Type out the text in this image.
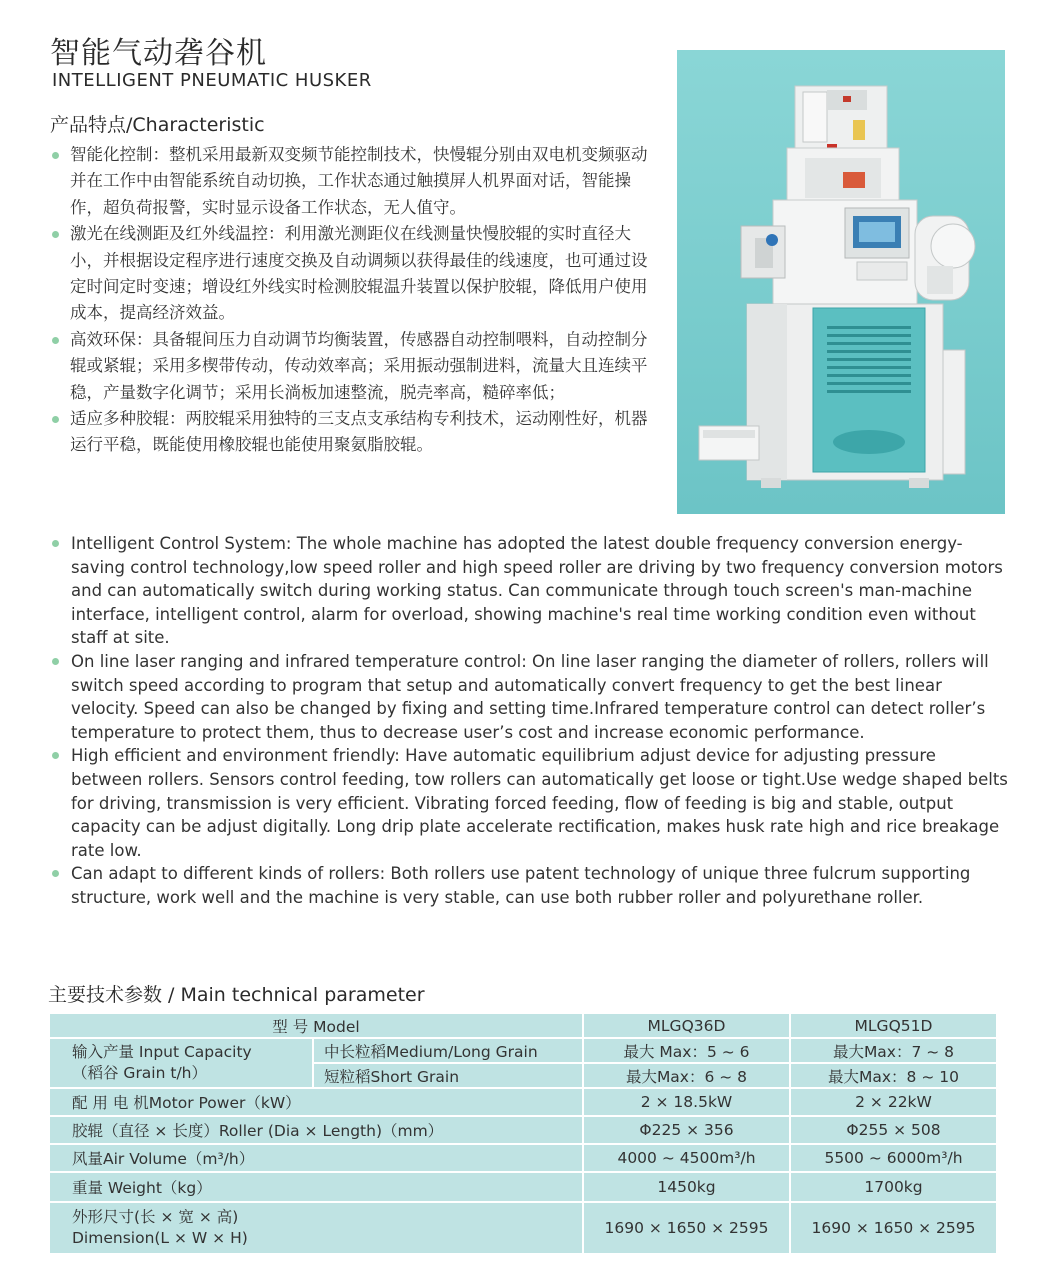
智能气动砻谷机
INTELLIGENT PNEUMATIC HUSKER
产品特点/Characteristic
智能化控制：整机采用最新双变频节能控制技术，快慢辊分别由双电机变频驱动并在工作中由智能系统自动切换，工作状态通过触摸屏人机界面对话，智能操作，超负荷报警，实时显示设备工作状态，无人值守。
激光在线测距及红外线温控：利用激光测距仪在线测量快慢胶辊的实时直径大小，并根据设定程序进行速度交换及自动调频以获得最佳的线速度，也可通过设定时间定时变速；增设红外线实时检测胶辊温升装置以保护胶辊，降低用户使用成本，提高经济效益。
高效环保：具备辊间压力自动调节均衡装置，传感器自动控制喂料，自动控制分辊或紧辊；采用多楔带传动，传动效率高；采用振动强制进料，流量大且连续平稳，产量数字化调节；采用长淌板加速整流，脱壳率高，糙碎率低；
适应多种胶辊：两胶辊采用独特的三支点支承结构专利技术，运动刚性好，机器运行平稳，既能使用橡胶辊也能使用聚氨脂胶辊。
Intelligent Control System: The whole machine has adopted the latest double frequency conversion energy-saving control technology,low speed roller and high speed roller are driving by two frequency conversion motors and can automatically switch during working status. Can communicate through touch screen's man-machine interface, intelligent control, alarm for overload, showing machine's real time working condition even without staff at site.
On line laser ranging and infrared temperature control: On line laser ranging the diameter of rollers, rollers will switch speed according to program that setup and automatically convert frequency to get the best linear velocity. Speed can also be changed by fixing and setting time.Infrared temperature control can detect roller’s temperature to protect them, thus to decrease user’s cost and increase economic performance.
High efficient and environment friendly: Have automatic equilibrium adjust device for adjusting pressure between rollers. Sensors control feeding, tow rollers can automatically get loose or tight.Use wedge shaped belts for driving, transmission is very efficient. Vibrating forced feeding, flow of feeding is big and stable, output capacity can be adjust digitally. Long drip plate accelerate rectification, makes husk rate high and rice breakage rate low.
Can adapt to different kinds of rollers: Both rollers use patent technology of unique three fulcrum supporting structure, work well and the machine is very stable, can use both rubber roller and polyurethane roller.
主要技术参数 / Main technical parameter
型 号 Model		MLGQ36D	MLGQ51D

输入产量 Input Capacity
（稻谷 Grain t/h）	中长粒稻Medium/Long Grain	最大 Max：5 ~ 6	最大Max：7 ~ 8
	短粒稻Short Grain	最大Max：6 ~ 8	最大Max：8 ~ 10
配 用 电 机Motor Power（kW）		2 × 18.5kW	2 × 22kW
胶辊（直径 × 长度）Roller (Dia × Length)（mm）		Φ225 × 356	Φ255 × 508
风量Air Volume（m³/h）		4000 ~ 4500m³/h	5500 ~ 6000m³/h
重量 Weight（kg）		1450kg	1700kg

外形尺寸(长 × 宽 × 高)
Dimension(L × W × H)		1690 × 1650 × 2595	1690 × 1650 × 2595
